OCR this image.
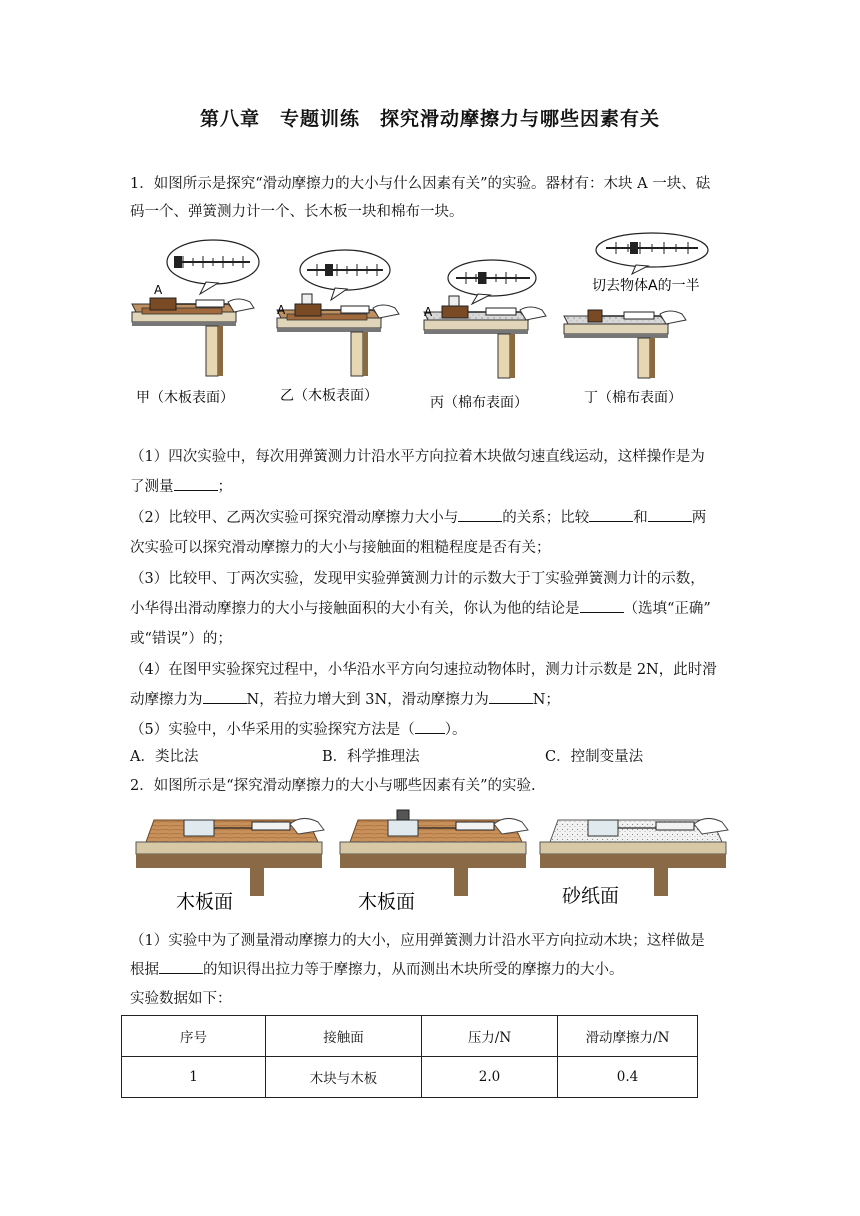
第八章　专题训练　探究滑动摩擦力与哪些因素有关
1．如图所示是探究“滑动摩擦力的大小与什么因素有关”的实验。器材有：木块 A 一块、砝
码一个、弹簧测力计一个、长木板一块和棉布一块。
A
A	A
切去物体A的一半
甲（木板表面）	乙（木板表面）	丙（棉布表面）	丁（棉布表面）
（1）四次实验中，每次用弹簧测力计沿水平方向拉着木块做匀速直线运动，这样操作是为
了测量	；
（2）比较甲、乙两次实验可探究滑动摩擦力大小与	的关系；比较	和	两
次实验可以探究滑动摩擦力的大小与接触面的粗糙程度是否有关；
（3）比较甲、丁两次实验，发现甲实验弹簧测力计的示数大于丁实验弹簧测力计的示数，
小华得出滑动摩擦力的大小与接触面积的大小有关，你认为他的结论是	（选填“正确”
或“错误”）的；
（4）在图甲实验探究过程中，小华沿水平方向匀速拉动物体时，测力计示数是 2N，此时滑
动摩擦力为	N，若拉力增大到 3N，滑动摩擦力为	N；
（5）实验中，小华采用的实验探究方法是（ ）。
A．类比法	B．科学推理法	C．控制变量法
2．如图所示是“探究滑动摩擦力的大小与哪些因素有关”的实验.
木板面	木板面	砂纸面
（1）实验中为了测量滑动摩擦力的大小，应用弹簧测力计沿水平方向拉动木块；这样做是
根据	的知识得出拉力等于摩擦力，从而测出木块所受的摩擦力的大小。
实验数据如下：
序号	接触面	压力/N	滑动摩擦力/N
1	木块与木板	2.0	0.4
